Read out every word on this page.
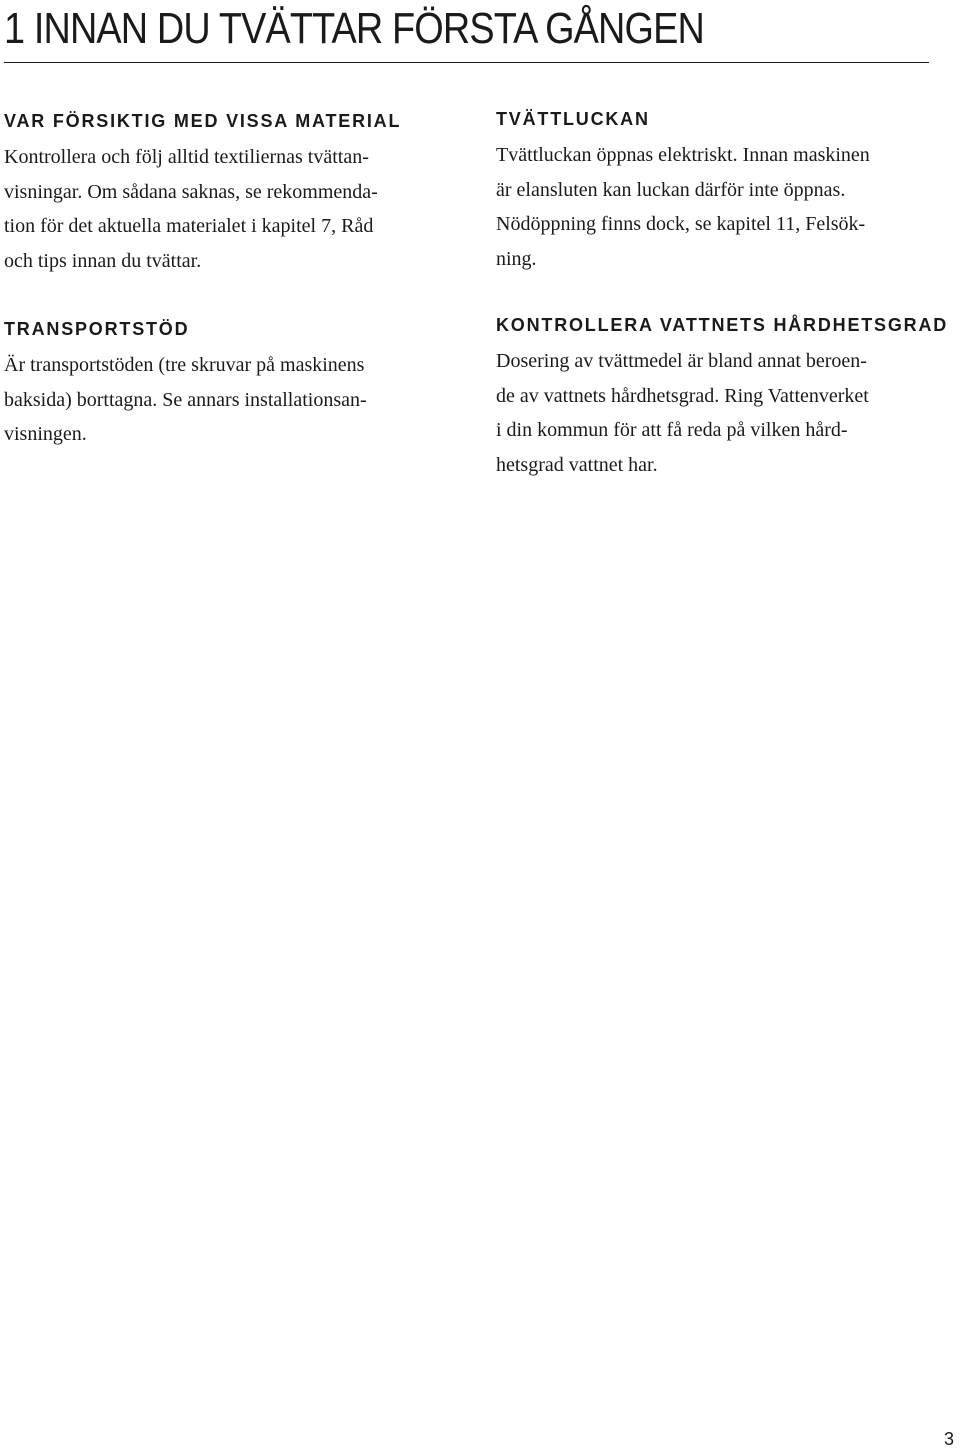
1 INNAN DU TVÄTTAR FÖRSTA GÅNGEN
VAR FÖRSIKTIG MED VISSA MATERIAL

Kontrollera och följ alltid textiliernas tvättan-
visningar. Om sådana saknas, se rekommenda-
tion för det aktuella materialet i kapitel 7, Råd
och tips innan du tvättar.

TRANSPORTSTÖD

Är transportstöden (tre skruvar på maskinens
baksida) borttagna. Se annars installationsan-
visningen.

TVÄTTLUCKAN

Tvättluckan öppnas elektriskt. Innan maskinen
är elansluten kan luckan därför inte öppnas.
Nödöppning finns dock, se kapitel 11, Felsök-
ning.

KONTROLLERA VATTNETS HÅRDHETSGRAD

Dosering av tvättmedel är bland annat beroen-
de av vattnets hårdhetsgrad. Ring Vattenverket
i din kommun för att få reda på vilken hård-
hetsgrad vattnet har.

3
